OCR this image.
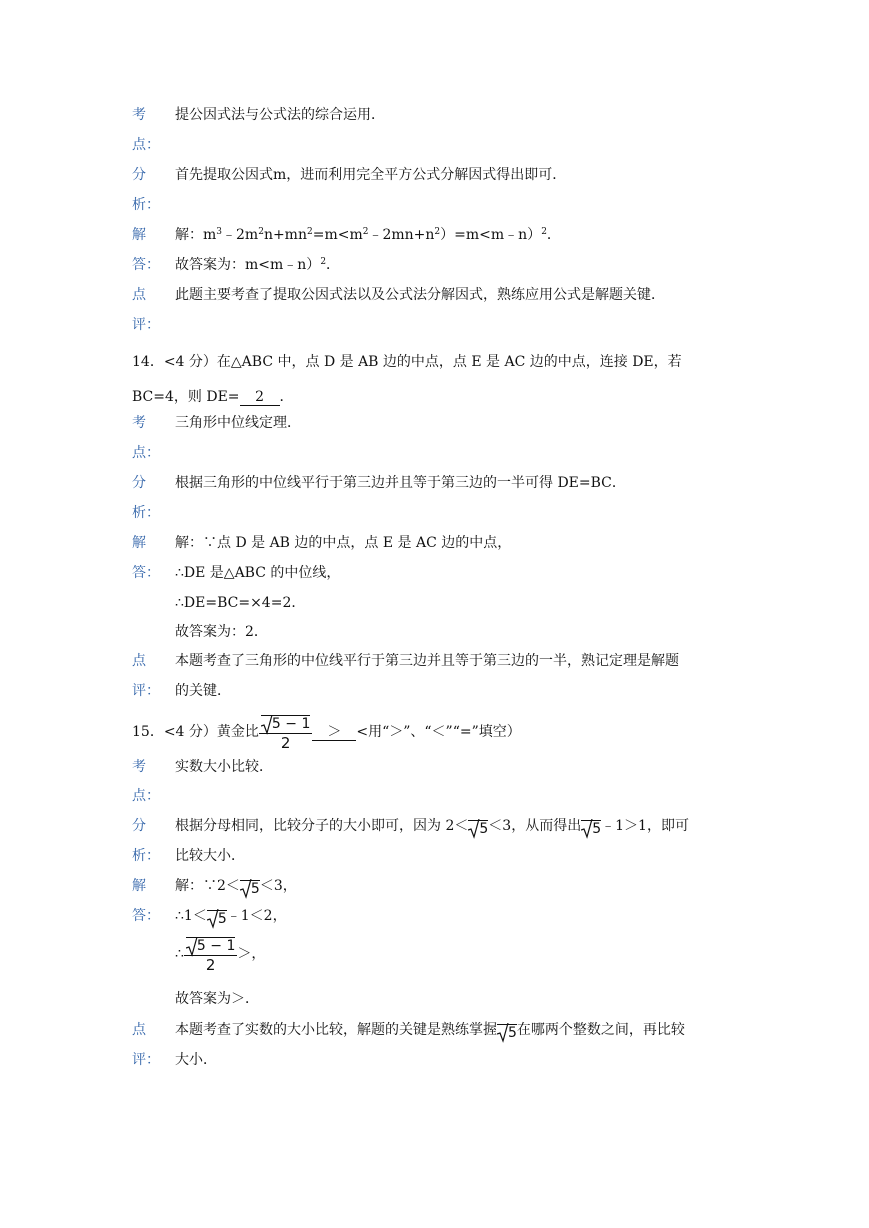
考 提公因式法与公式法的综合运用．
点：
分 首先提取公因式m，进而利用完全平方公式分解因式得出即可．
析：
解 解：$m^3﹣2m^2n+mn^2=m<m^2﹣2mn+n^2)=m<m﹣n)^2$．
答： 故答案为：m<m﹣n）$^2$．
点 此题主要考查了提取公因式法以及公式法分解因式，熟练应用公式是解题关键．
评：
14．<4 分）在△ABC 中，点 D 是 AB 边的中点，点 E 是 AC 边的中点，连接 DE，若
BC=4，则 DE= 2 ．
考 三角形中位线定理．
点：
分 根据三角形的中位线平行于第三边并且等于第三边的一半可得 DE=BC．
析：
解 解：∵点 D 是 AB 边的中点，点 E 是 AC 边的中点，
答： ∴DE 是△ABC 的中位线，
∴DE=BC=×4=2．
故答案为：2．
点 本题考查了三角形的中位线平行于第三边并且等于第三边的一半，熟记定理是解题
评： 的关键．
15．<4 分）黄金比 $\frac{5 - 1}{2}$ ＞ <用“＞”、“＜”“=”填空）
考 实数大小比较．
点：
分 根据分母相同，比较分子的大小即可，因为 2＜ 5＜3，从而得出 5﹣1＞1，即可
析： 比较大小．
解 解：∵2＜ 5＜3，
答： ∴1＜ 5﹣1＜2，
∴ $\frac{5 - 1}{2}$ ＞，
故答案为＞．
点 本题考查了实数的大小比较，解题的关键是熟练掌握 5在哪两个整数之间，再比较
评： 大小．
